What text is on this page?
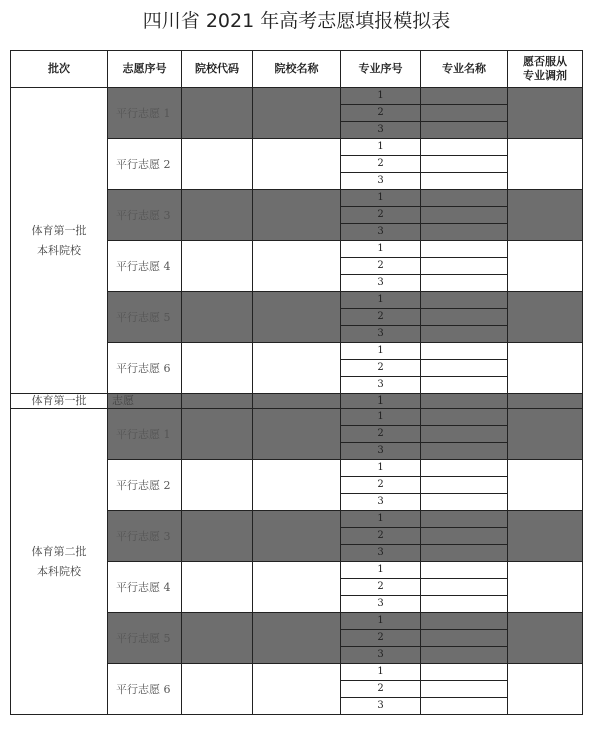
四川省 2021 年高考志愿填报模拟表
批次	志愿序号	院校代码	院校名称	专业序号	专业名称	愿否服从
专业调剂

体育第一批
本科院校	平行志愿 1			1		
				2		
				3		
	平行志愿 2			1		
				2		
				3		
	平行志愿 3			1		
				2		
				3		
	平行志愿 4			1		
				2		
				3		
	平行志愿 5			1		
				2		
				3		
	平行志愿 6			1		
				2		
				3		
体育第一批	志愿			1		
体育第二批
本科院校	平行志愿 1			1		
				2		
				3		
	平行志愿 2			1		
				2		
				3		
	平行志愿 3			1		
				2		
				3		
	平行志愿 4			1		
				2		
				3		
	平行志愿 5			1		
				2		
				3		
	平行志愿 6			1		
				2		
				3		
